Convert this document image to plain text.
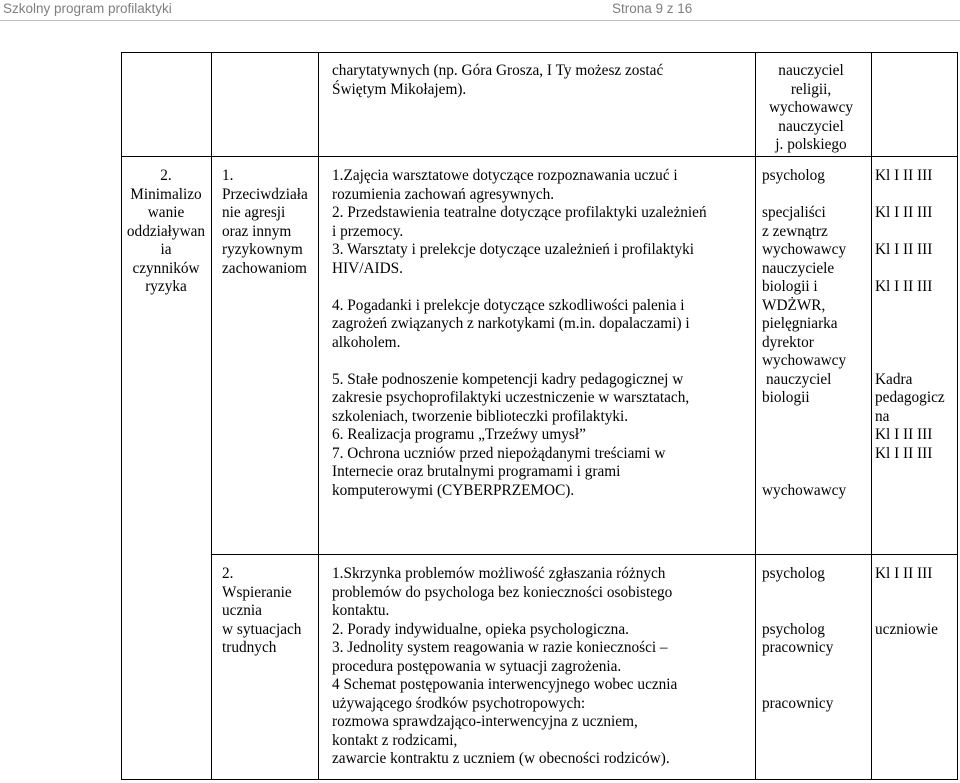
Szkolny program profilaktyki	Strona 9 z 16
charytatywnych (np. Góra Grosza, I Ty możesz zostać
Świętym Mikołajem).
nauczyciel
religii,
wychowawcy
nauczyciel
j. polskiego
2.
Minimalizo
wanie
oddziaływan
ia
czynników
ryzyka
1.
Przeciwdziała
nie agresji
oraz innym
ryzykownym
zachowaniom
1.Zajęcia warsztatowe dotyczące rozpoznawania uczuć i
rozumienia zachowań agresywnych.
2. Przedstawienia teatralne dotyczące profilaktyki uzależnień
i przemocy.
3. Warsztaty i prelekcje dotyczące uzależnień i profilaktyki
HIV/AIDS.
4. Pogadanki i prelekcje dotyczące szkodliwości palenia i
zagrożeń związanych z narkotykami (m.in. dopalaczami) i
alkoholem.
5. Stałe podnoszenie kompetencji kadry pedagogicznej w
zakresie psychoprofilaktyki uczestniczenie w warsztatach,
szkoleniach, tworzenie biblioteczki profilaktyki.
6. Realizacja programu „Trzeźwy umysł”
7. Ochrona uczniów przed niepożądanymi treściami w
Internecie oraz brutalnymi programami i grami
komputerowymi (CYBERPRZEMOC).
psycholog
specjaliści
z zewnątrz
wychowawcy
nauczyciele
biologii i
WDŻWR,
pielęgniarka
dyrektor
wychowawcy
nauczyciel
biologii
wychowawcy
Kl I II III
Kl I II III
Kl I II III
Kl I II III
Kadra
pedagogicz
na
Kl I II III
Kl I II III
2.
Wspieranie
ucznia
w sytuacjach
trudnych
1.Skrzynka problemów możliwość zgłaszania różnych
problemów do psychologa bez konieczności osobistego
kontaktu.
2. Porady indywidualne, opieka psychologiczna.
3. Jednolity system reagowania w razie konieczności –
procedura postępowania w sytuacji zagrożenia.
4 Schemat postępowania interwencyjnego wobec ucznia
używającego środków psychotropowych:
rozmowa sprawdzająco-interwencyjna z uczniem,
kontakt z rodzicami,
zawarcie kontraktu z uczniem (w obecności rodziców).
psycholog
psycholog
pracownicy
pracownicy
Kl I II III
uczniowie
